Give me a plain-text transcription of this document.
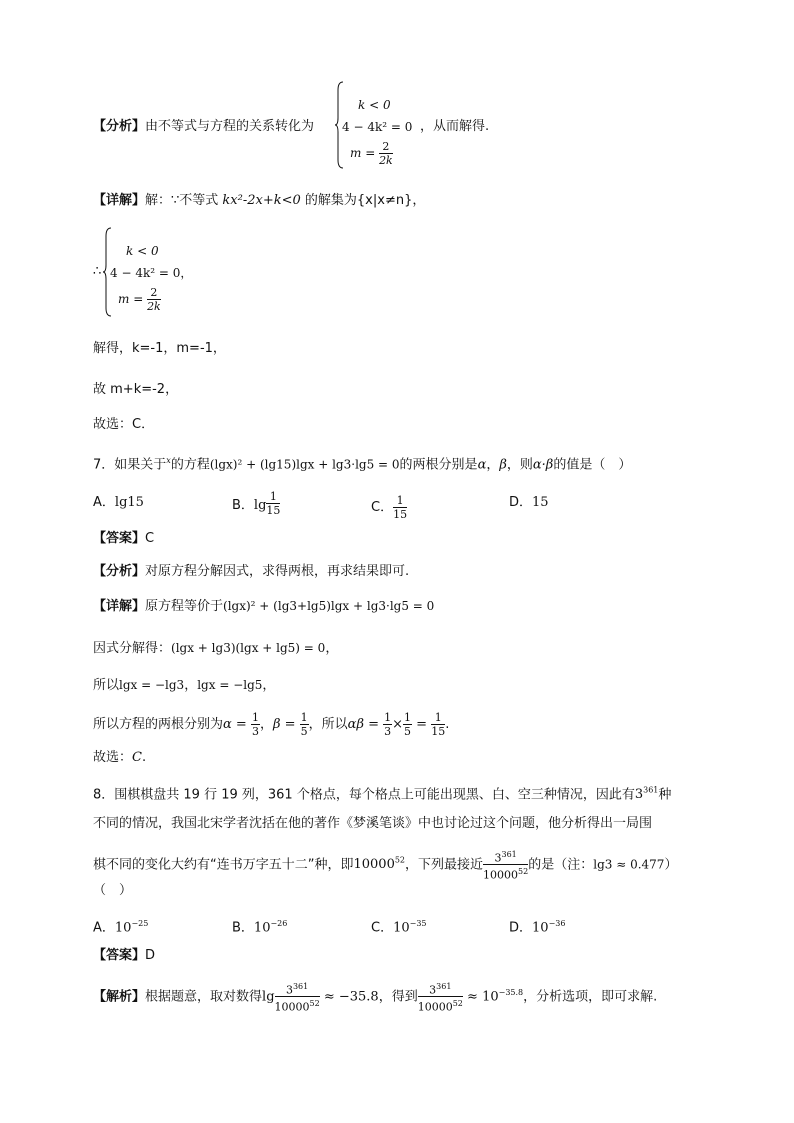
【分析】由不等式与方程的关系转化为
k < 0
4 − 4k² = 0
$m = \frac{2}{2k}$
，从而解得.
【详解】解：∵不等式 kx²-2x+k<0 的解集为{x|x≠n}，
∴
k < 0
4 − 4k² = 0，
$m = \frac{2}{2k}$
解得，k=-1，m=-1，
故 m+k=-2，
故选：C．
7．如果关于$^x$的方程(lgx)² + (lg15)lgx + lg3·lg5 = 0的两根分别是α，β，则α·β的值是（　）
A．lg15	B．$\lg \frac{1}{15}$	C． $\frac{1}{15}$	D．15
【答案】C
【分析】对原方程分解因式，求得两根，再求结果即可.
【详解】原方程等价于(lgx)² + (lg3+lg5)lgx + lg3·lg5 = 0
因式分解得：(lgx + lg3)(lgx + lg5) = 0，
所以lgx = −lg3，lgx = −lg5，
所以方程的两根分别为$\alpha = \frac{1}{3}$ ，$\beta = \frac{1}{5}$ ，所以$\alpha\beta = \frac{1}{3} \times \frac{1}{5} = \frac{1}{15}$ .
故选：C.
8．围棋棋盘共 19 行 19 列，361 个格点，每个格点上可能出现黑、白、空三种情况，因此有$3^{361}$种
不同的情况，我国北宋学者沈括在他的著作《梦溪笔谈》中也讨论过这个问题，他分析得出一局围
棋不同的变化大约有“连书万字五十二”种，即10000$^{52}$，下列最接近 $\frac{3^{361}}{10000^{52}}$ 的是（注：lg3 ≈ 0.477）
（　）
A．$10^{-25}$	B．$10^{-26}$	C．$10^{-35}$	D．$10^{-36}$
【答案】D
【解析】根据题意，取对数得$\lg \frac{3^{361}}{10000^{52}} \approx -35.8$，得到 $\frac{3^{361}}{10000^{52}} \approx 10^{-35.8}$，分析选项，即可求解.
